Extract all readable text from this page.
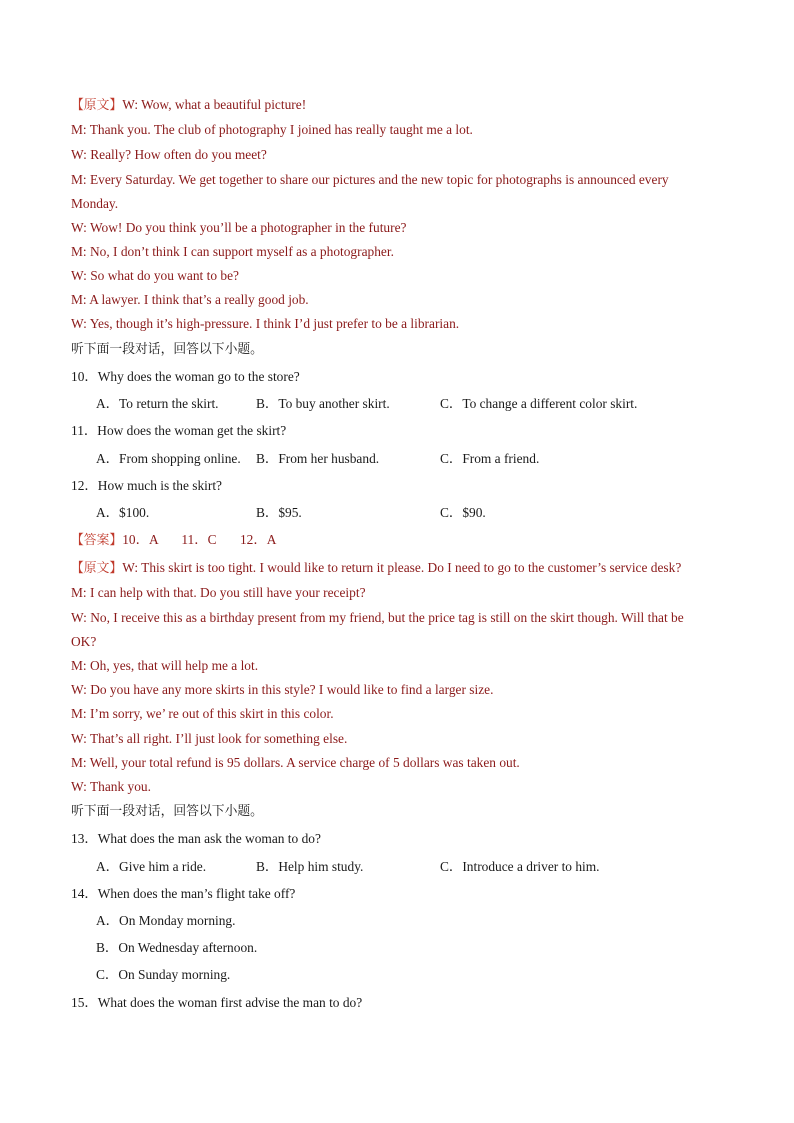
【原文】W: Wow, what a beautiful picture!
M: Thank you. The club of photography I joined has really taught me a lot.
W: Really? How often do you meet?
M: Every Saturday. We get together to share our pictures and the new topic for photographs is announced every
Monday.
W: Wow! Do you think you’ll be a photographer in the future?
M: No, I don’t think I can support myself as a photographer.
W: So what do you want to be?
M: A lawyer. I think that’s a really good job.
W: Yes, though it’s high-pressure. I think I’d just prefer to be a librarian.
听下面一段对话，回答以下小题。
10．Why does the woman go to the store?
A．To return the skirt.	B．To buy another skirt.	C．To change a different color skirt.
11．How does the woman get the skirt?
A．From shopping online. B．From her husband.	C．From a friend.
12．How much is the skirt?
A．$100.	B．$95.	C．$90.
【答案】10．A       11．C       12．A
【原文】W: This skirt is too tight. I would like to return it please. Do I need to go to the customer’s service desk?
M: I can help with that. Do you still have your receipt?
W: No, I receive this as a birthday present from my friend, but the price tag is still on the skirt though. Will that be
OK?
M: Oh, yes, that will help me a lot.
W: Do you have any more skirts in this style? I would like to find a larger size.
M: I’m sorry, we’ re out of this skirt in this color.
W: That’s all right. I’ll just look for something else.
M: Well, your total refund is 95 dollars. A service charge of 5 dollars was taken out.
W: Thank you.
听下面一段对话，回答以下小题。
13．What does the man ask the woman to do?
A．Give him a ride.	B．Help him study.	C．Introduce a driver to him.
14．When does the man’s flight take off?
A．On Monday morning.
B．On Wednesday afternoon.
C．On Sunday morning.
15．What does the woman first advise the man to do?
